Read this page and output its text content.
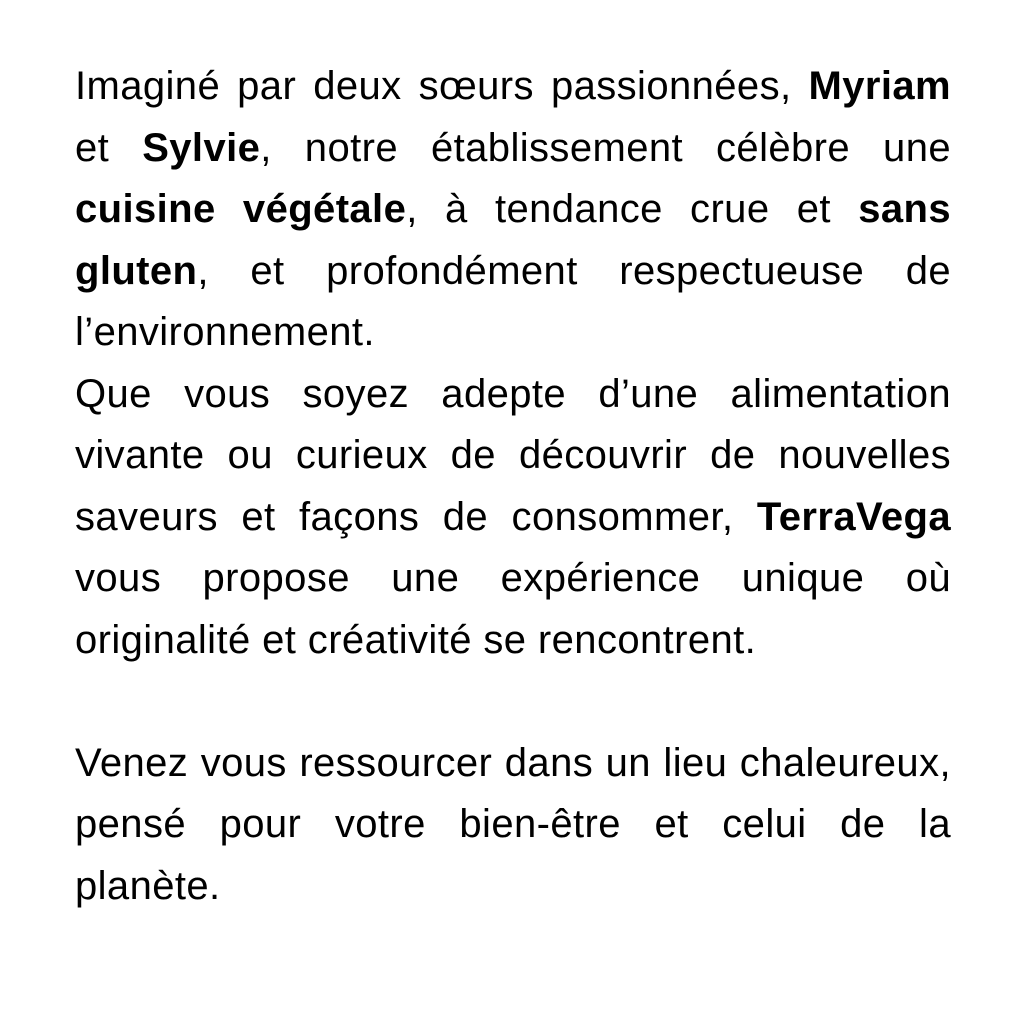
Imaginé par deux sœurs passionnées, Myriam et Sylvie, notre établissement célèbre une cuisine végétale, à tendance crue et sans gluten, et profondément respectueuse de l’environnement.

Que vous soyez adepte d’une alimentation vivante ou curieux de découvrir de nouvelles saveurs et façons de consommer, TerraVega vous propose une expérience unique où originalité et créativité se rencontrent.

Venez vous ressourcer dans un lieu chaleureux, pensé pour votre bien-être et celui de la planète.
